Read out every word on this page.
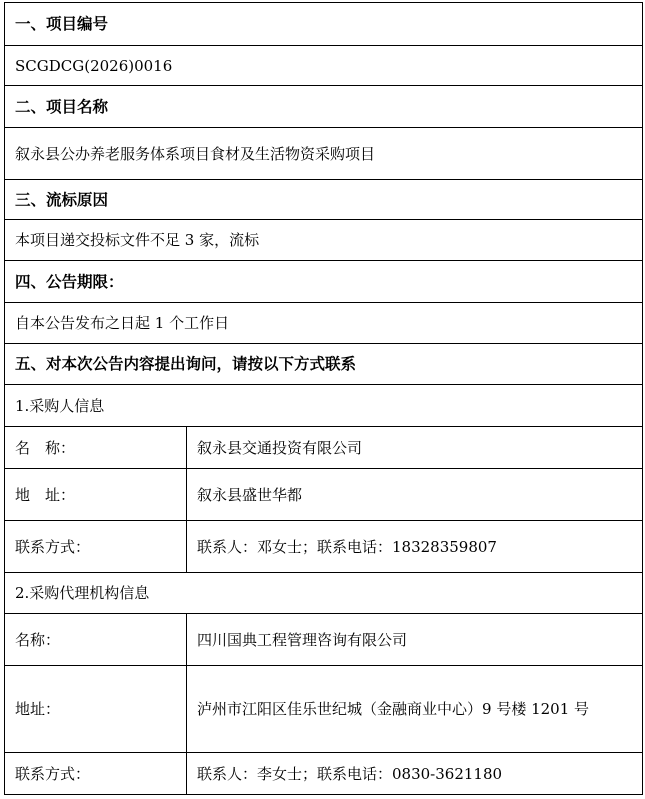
一、项目编号	
SCGDCG(2026)0016	
二、项目名称	
叙永县公办养老服务体系项目食材及生活物资采购项目	
三、流标原因	
本项目递交投标文件不足 3 家，流标	
四、公告期限：	
自本公告发布之日起 1 个工作日	
五、对本次公告内容提出询问，请按以下方式联系	
1.采购人信息	
名　称：	叙永县交通投资有限公司
地　址：	叙永县盛世华都
联系方式：	联系人：邓女士；联系电话：18328359807
2.采购代理机构信息	
名称：	四川国典工程管理咨询有限公司
地址：	泸州市江阳区佳乐世纪城（金融商业中心）9 号楼 1201 号
联系方式：	联系人：李女士；联系电话：0830-3621180
